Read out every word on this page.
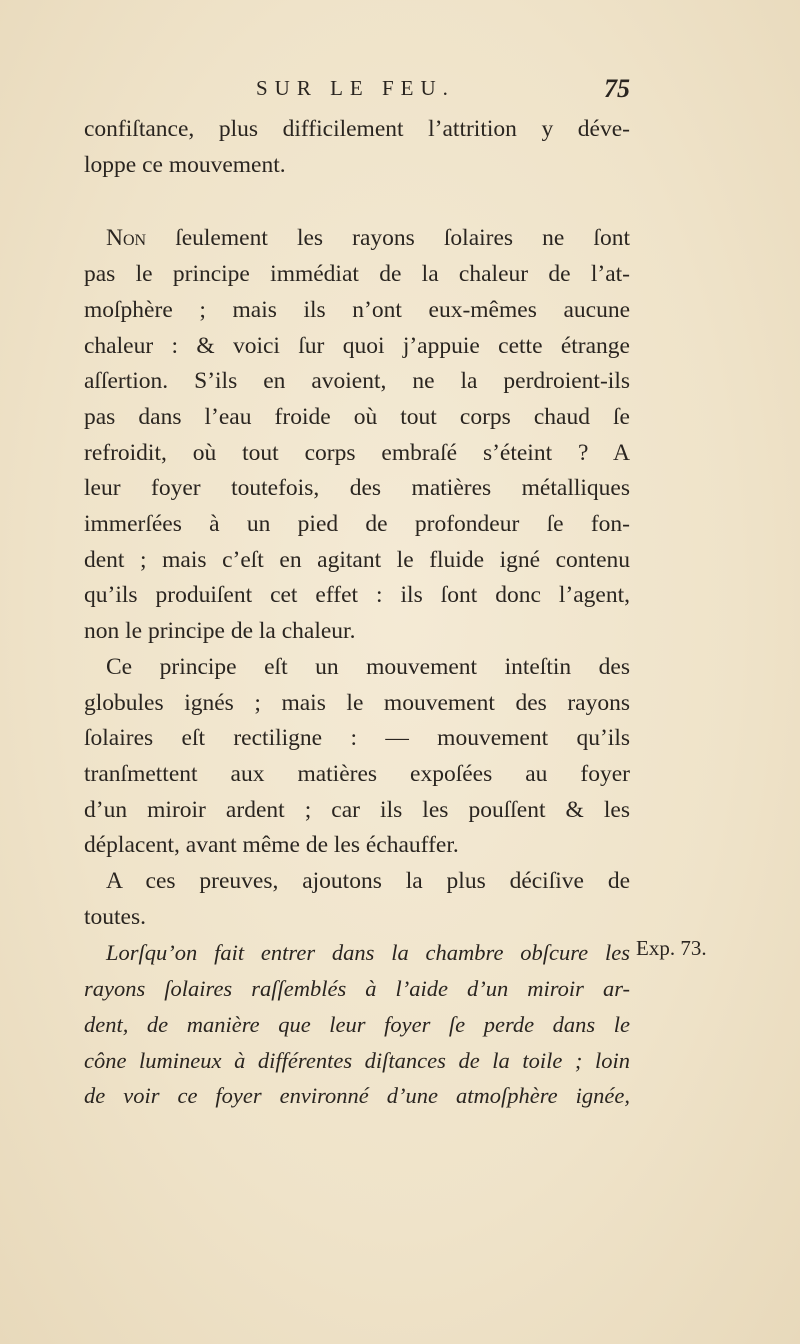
SUR LE FEU.	75
confiſtance, plus difficilement l’attrition y déve-
loppe ce mouvement.
Non ſeulement les rayons ſolaires ne ſont
pas le principe immédiat de la chaleur de l’at-
moſphère ; mais ils n’ont eux-mêmes aucune
chaleur : & voici ſur quoi j’appuie cette étrange
aſſertion. S’ils en avoient, ne la perdroient-ils
pas dans l’eau froide où tout corps chaud ſe
refroidit, où tout corps embraſé s’éteint ? A
leur foyer toutefois, des matières métalliques
immerſées à un pied de profondeur ſe fon-
dent ; mais c’eſt en agitant le fluide igné contenu
qu’ils produiſent cet effet : ils ſont donc l’agent,
non le principe de la chaleur.
Ce principe eſt un mouvement inteſtin des
globules ignés ; mais le mouvement des rayons
ſolaires eſt rectiligne : — mouvement qu’ils
tranſmettent aux matières expoſées au foyer
d’un miroir ardent ; car ils les pouſſent & les
déplacent, avant même de les échauffer.
A ces preuves, ajoutons la plus déciſive de
toutes.
Lorſqu’on fait entrer dans la chambre obſcure les
rayons ſolaires raſſemblés à l’aide d’un miroir ar-
dent, de manière que leur foyer ſe perde dans le
cône lumineux à différentes diſtances de la toile ; loin
de voir ce foyer environné d’une atmoſphère ignée,
Exp. 73.
